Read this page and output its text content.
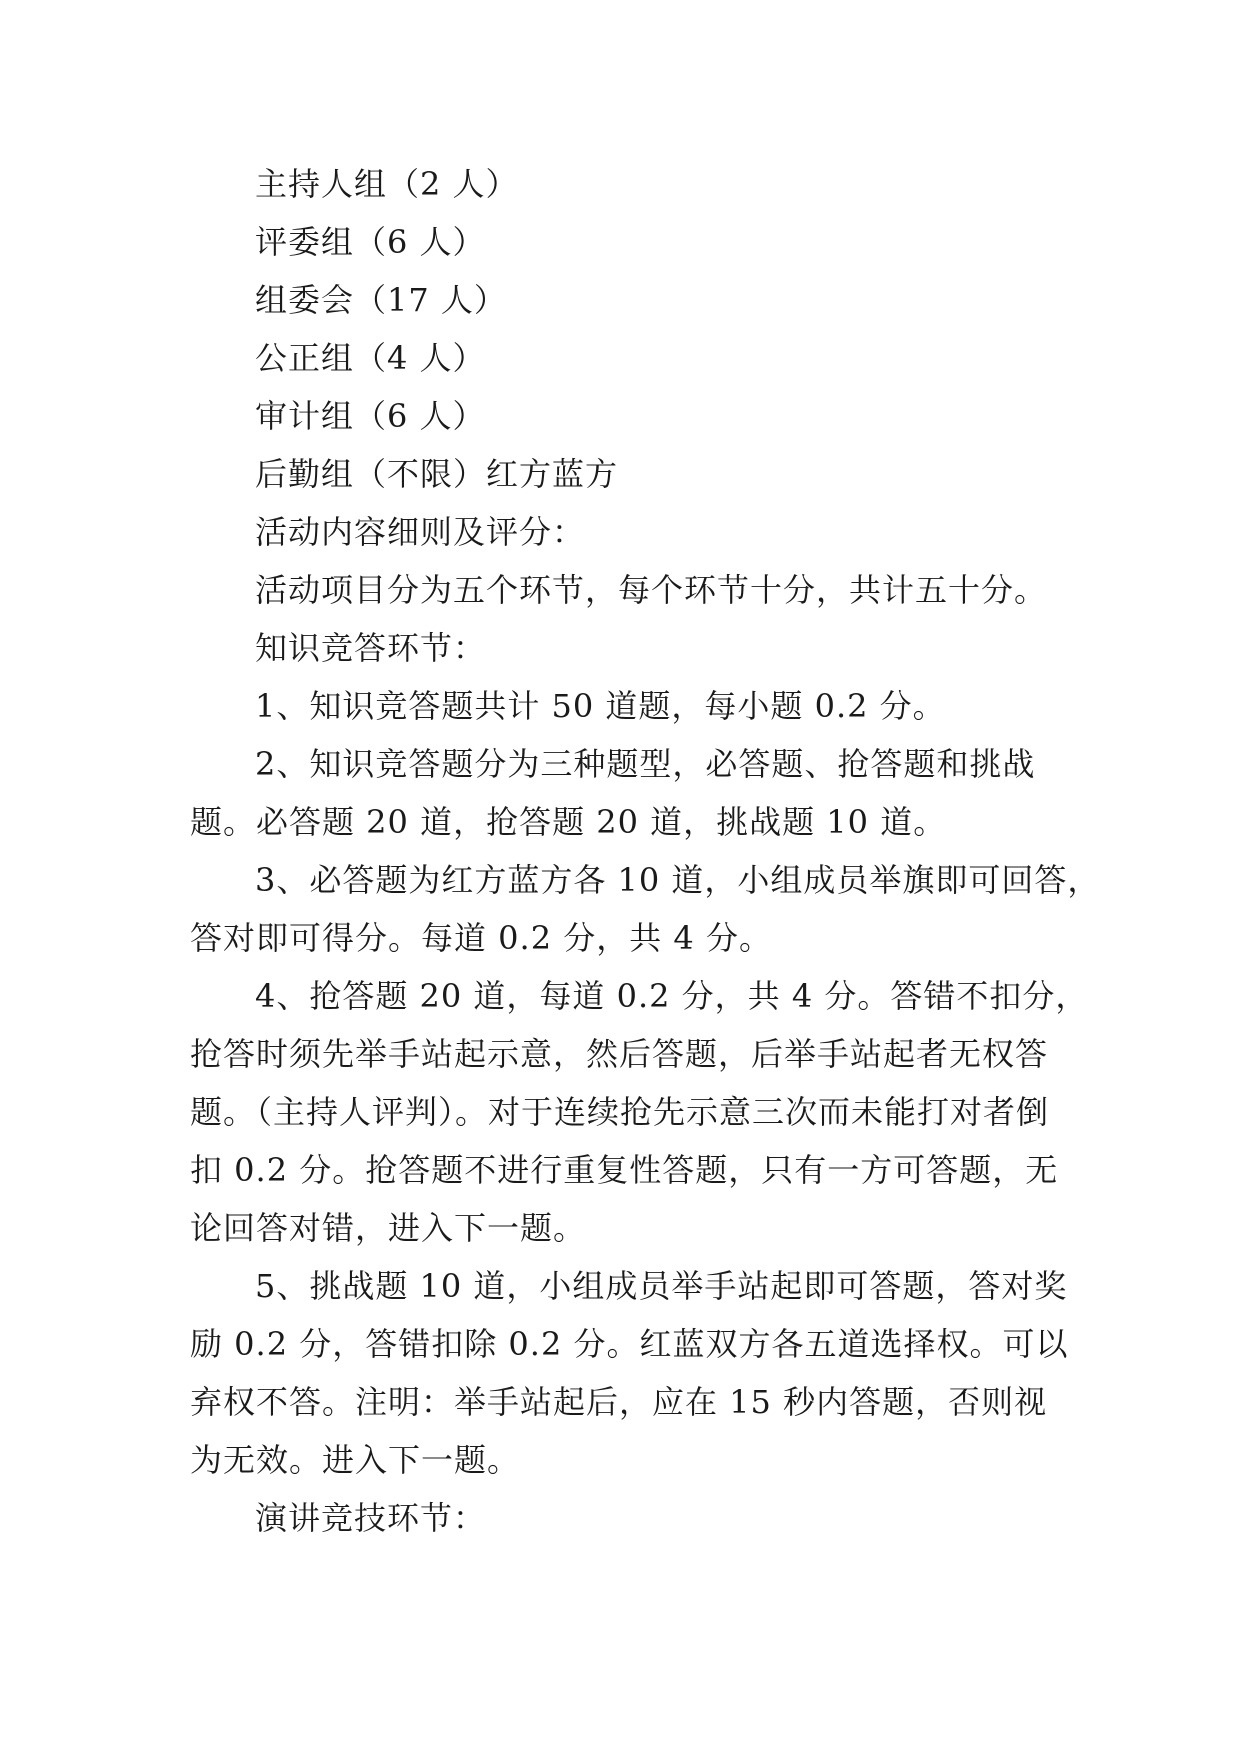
主持人组（2 人）
评委组（6 人）
组委会（17 人）
公正组（4 人）
审计组（6 人）
后勤组（不限）红方蓝方
活动内容细则及评分：
活动项目分为五个环节，每个环节十分，共计五十分。
知识竞答环节：
1、知识竞答题共计 50 道题，每小题 0.2 分。
2、知识竞答题分为三种题型，必答题、抢答题和挑战
题。必答题 20 道，抢答题 20 道，挑战题 10 道。
3、必答题为红方蓝方各 10 道，小组成员举旗即可回答，
答对即可得分。每道 0.2 分，共 4 分。
4、抢答题 20 道，每道 0.2 分，共 4 分。答错不扣分，
抢答时须先举手站起示意，然后答题，后举手站起者无权答
题。（主持人评判）。对于连续抢先示意三次而未能打对者倒
扣 0.2 分。抢答题不进行重复性答题，只有一方可答题，无
论回答对错，进入下一题。
5、挑战题 10 道，小组成员举手站起即可答题，答对奖
励 0.2 分，答错扣除 0.2 分。红蓝双方各五道选择权。可以
弃权不答。注明：举手站起后，应在 15 秒内答题，否则视
为无效。进入下一题。
演讲竞技环节：
